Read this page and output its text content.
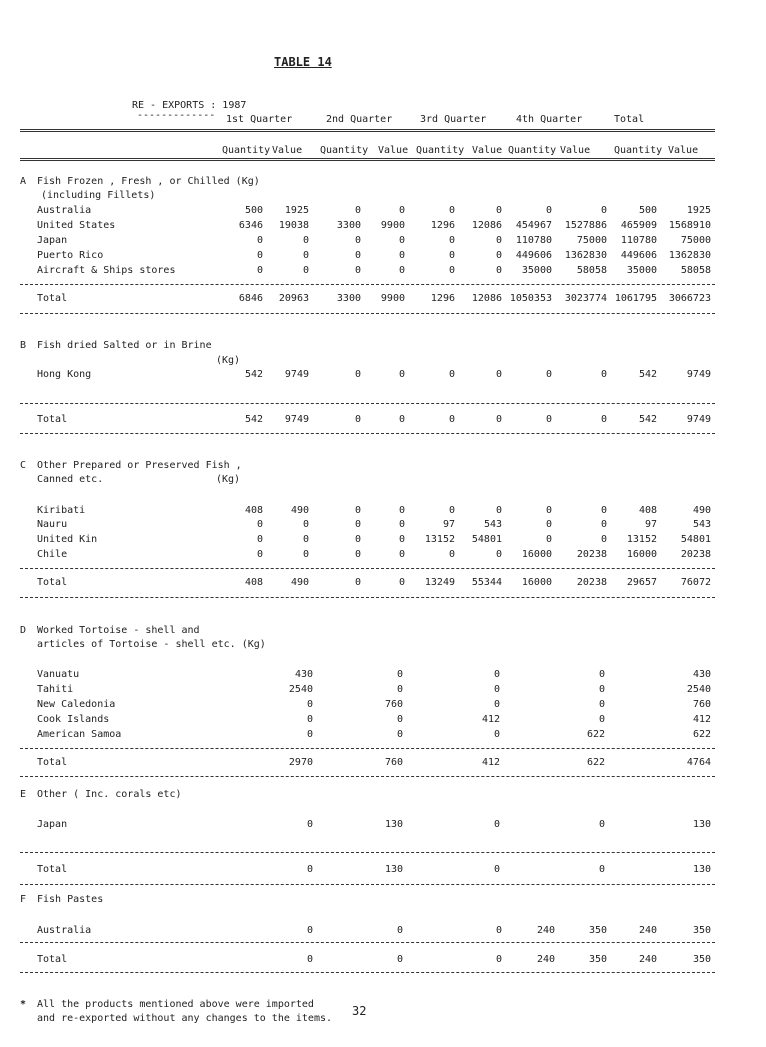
TABLE 14
RE - EXPORTS : 1987
------------- 1st Quarter	2nd Quarter	3rd Quarter	4th Quarter	Total
Quantity Value Quantity Value Quantity Value Quantity Value Quantity Value
A Fish Frozen , Fresh , or Chilled (Kg)
(including Fillets)
Australia	500	1925	0	0	0	0	0	0	500	1925
United States	6346	19038	3300	9900	1296	12086	454967	1527886	465909	1568910
Japan	0	0	0	0	0	0	110780	75000	110780	75000
Puerto Rico	0	0	0	0	0	0	449606	1362830	449606	1362830
Aircraft & Ships stores	0	0	0	0	0	0	35000	58058	35000	58058
Total	6846	20963	3300	9900	1296	12086 1050353	3023774 1061795	3066723
B Fish dried Salted or in Brine
(Kg)
Hong Kong	542	9749	0	0	0	0	0	0	542	9749
Total	542	9749	0	0	0	0	0	0	542	9749
C Other Prepared or Preserved Fish ,
Canned etc.	(Kg)
Kiribati	408	490	0	0	0	0	0	0	408	490
Nauru	0	0	0	0	97	543	0	0	97	543
United Kin	0	0	0	0	13152	54801	0	0	13152	54801
Chile	0	0	0	0	0	0	16000	20238	16000	20238
Total	408	490	0	0	13249	55344	16000	20238	29657	76072
D Worked Tortoise - shell and
articles of Tortoise - shell etc. (Kg)
Vanuatu	430	0	0	0	430
Tahiti	2540	0	0	0	2540
New Caledonia	0	760	0	0	760
Cook Islands	0	0	412	0	412
American Samoa	0	0	0	622	622
Total	2970	760	412	622	4764
E Other ( Inc. corals etc)
Japan	0	130	0	0	130
Total	0	130	0	0	130
F Fish Pastes
Australia	0	0	0	240	350	240	350
Total	0	0	0	240	350	240	350
* All the products mentioned above were imported
and re-exported without any changes to the items.
32
